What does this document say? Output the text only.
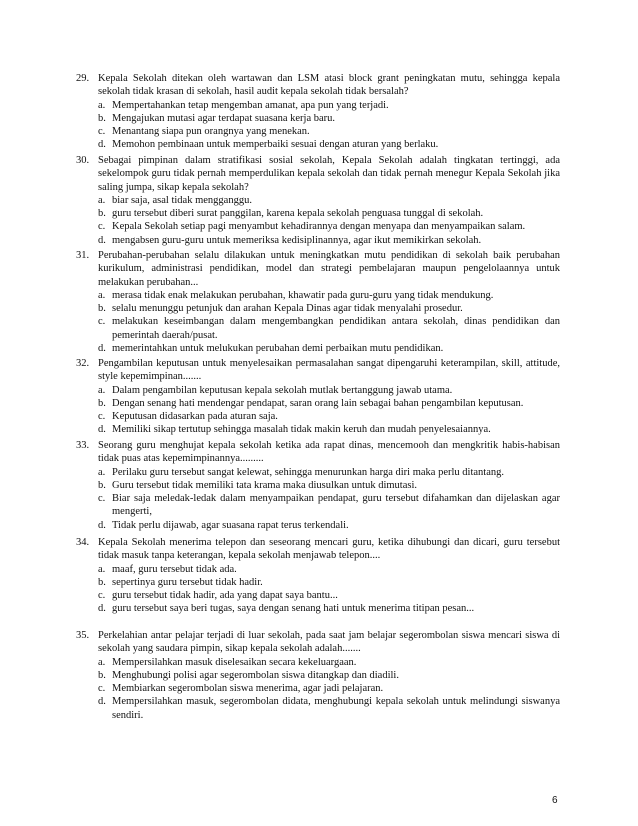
29. Kepala Sekolah ditekan oleh wartawan dan LSM atasi block grant peningkatan mutu, sehingga kepala sekolah tidak krasan di sekolah, hasil audit kepala sekolah tidak bersalah?
a. Mempertahankan tetap mengemban amanat, apa pun yang terjadi.
b. Mengajukan mutasi agar terdapat suasana kerja baru.
c. Menantang siapa pun orangnya yang menekan.
d. Memohon pembinaan untuk memperbaiki sesuai dengan aturan yang berlaku.
30. Sebagai pimpinan dalam stratifikasi sosial sekolah, Kepala Sekolah adalah tingkatan tertinggi, ada sekelompok guru tidak pernah memperdulikan kepala sekolah dan tidak pernah menegur Kepala Sekolah jika saling jumpa, sikap kepala sekolah?
a. biar saja, asal tidak mengganggu.
b. guru tersebut diberi surat panggilan, karena kepala sekolah penguasa tunggal di sekolah.
c. Kepala Sekolah setiap pagi menyambut kehadirannya dengan menyapa dan menyampaikan salam.
d. mengabsen guru-guru untuk memeriksa kedisiplinannya, agar ikut memikirkan sekolah.
31. Perubahan-perubahan selalu dilakukan untuk meningkatkan mutu pendidikan di sekolah baik perubahan kurikulum, administrasi pendidikan, model dan strategi pembelajaran maupun pengelolaannya untuk melakukan perubahan...
a. merasa tidak enak melakukan perubahan, khawatir pada guru-guru yang tidak mendukung.
b. selalu menunggu petunjuk dan arahan Kepala Dinas agar tidak menyalahi prosedur.
c. melakukan keseimbangan dalam mengembangkan pendidikan antara sekolah, dinas pendidikan dan pemerintah daerah/pusat.
d. memerintahkan untuk melukukan perubahan demi perbaikan mutu pendidikan.
32. Pengambilan keputusan untuk menyelesaikan permasalahan sangat dipengaruhi keterampilan, skill, attitude, style kepemimpinan.......
a. Dalam pengambilan keputusan kepala sekolah mutlak bertanggung jawab utama.
b. Dengan senang hati mendengar pendapat, saran orang lain sebagai bahan pengambilan keputusan.
c. Keputusan didasarkan pada aturan saja.
d. Memiliki sikap tertutup sehingga masalah tidak makin keruh dan mudah penyelesaiannya.
33. Seorang guru menghujat kepala sekolah ketika ada rapat dinas, mencemooh dan mengkritik habis-habisan tidak puas atas kepemimpinannya.........
a. Perilaku guru tersebut sangat kelewat, sehingga menurunkan harga diri maka perlu ditantang.
b. Guru tersebut tidak memiliki tata krama maka diusulkan untuk dimutasi.
c. Biar saja meledak-ledak dalam menyampaikan pendapat, guru tersebut difahamkan dan dijelaskan agar mengerti,
d. Tidak perlu dijawab, agar suasana rapat terus terkendali.
34. Kepala Sekolah menerima telepon dan seseorang mencari guru, ketika dihubungi dan dicari, guru tersebut tidak masuk tanpa keterangan, kepala sekolah menjawab telepon....
a. maaf, guru tersebut tidak ada.
b. sepertinya guru tersebut tidak hadir.
c. guru tersebut tidak hadir, ada yang dapat saya bantu...
d. guru tersebut saya beri tugas, saya dengan senang hati untuk menerima titipan pesan...
35. Perkelahian antar pelajar terjadi di luar sekolah, pada saat jam belajar segerombolan siswa mencari siswa di sekolah yang saudara pimpin, sikap kepala sekolah adalah.......
a. Mempersilahkan masuk diselesaikan secara kekeluargaan.
b. Menghubungi polisi agar segerombolan siswa ditangkap dan diadili.
c. Membiarkan segerombolan siswa menerima, agar jadi pelajaran.
d. Mempersilahkan masuk, segerombolan didata, menghubungi kepala sekolah untuk melindungi siswanya sendiri.
6
